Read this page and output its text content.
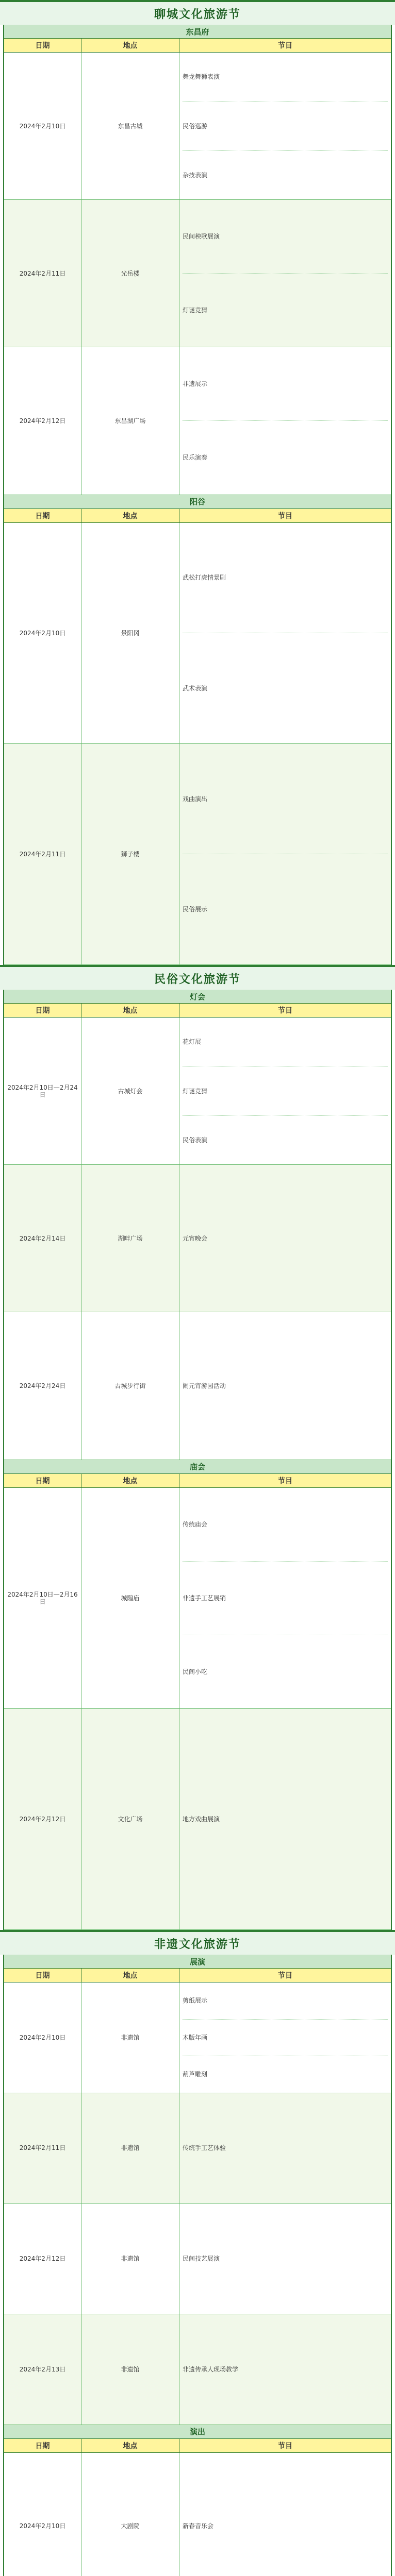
聊城文化旅游节
东昌府
日期	地点	节目
2024年2月10日	东昌古城
舞龙舞狮表演
民俗巡游
杂技表演
2024年2月11日	光岳楼
民间秧歌展演
灯谜竞猜
2024年2月12日	东昌湖广场
非遗展示
民乐演奏
阳谷
日期	地点	节目
2024年2月10日	景阳冈
武松打虎情景剧
武术表演
2024年2月11日	狮子楼
戏曲演出
民俗展示
民俗文化旅游节
灯会
日期	地点	节目
2024年2月10日—2月24日	古城灯会
花灯展
灯谜竞猜
民俗表演
2024年2月14日	湖畔广场	元宵晚会
2024年2月24日	古城步行街	闹元宵游园活动
庙会
日期	地点	节目
2024年2月10日—2月16日	城隍庙
传统庙会
非遗手工艺展销
民间小吃
2024年2月12日	文化广场	地方戏曲展演
非遗文化旅游节
展演
日期	地点	节目
2024年2月10日	非遗馆
剪纸展示
木版年画
葫芦雕刻
2024年2月11日	非遗馆	传统手工艺体验
2024年2月12日	非遗馆	民间技艺展演
2024年2月13日	非遗馆	非遗传承人现场教学
演出
日期	地点	节目
2024年2月10日	大剧院	新春音乐会
